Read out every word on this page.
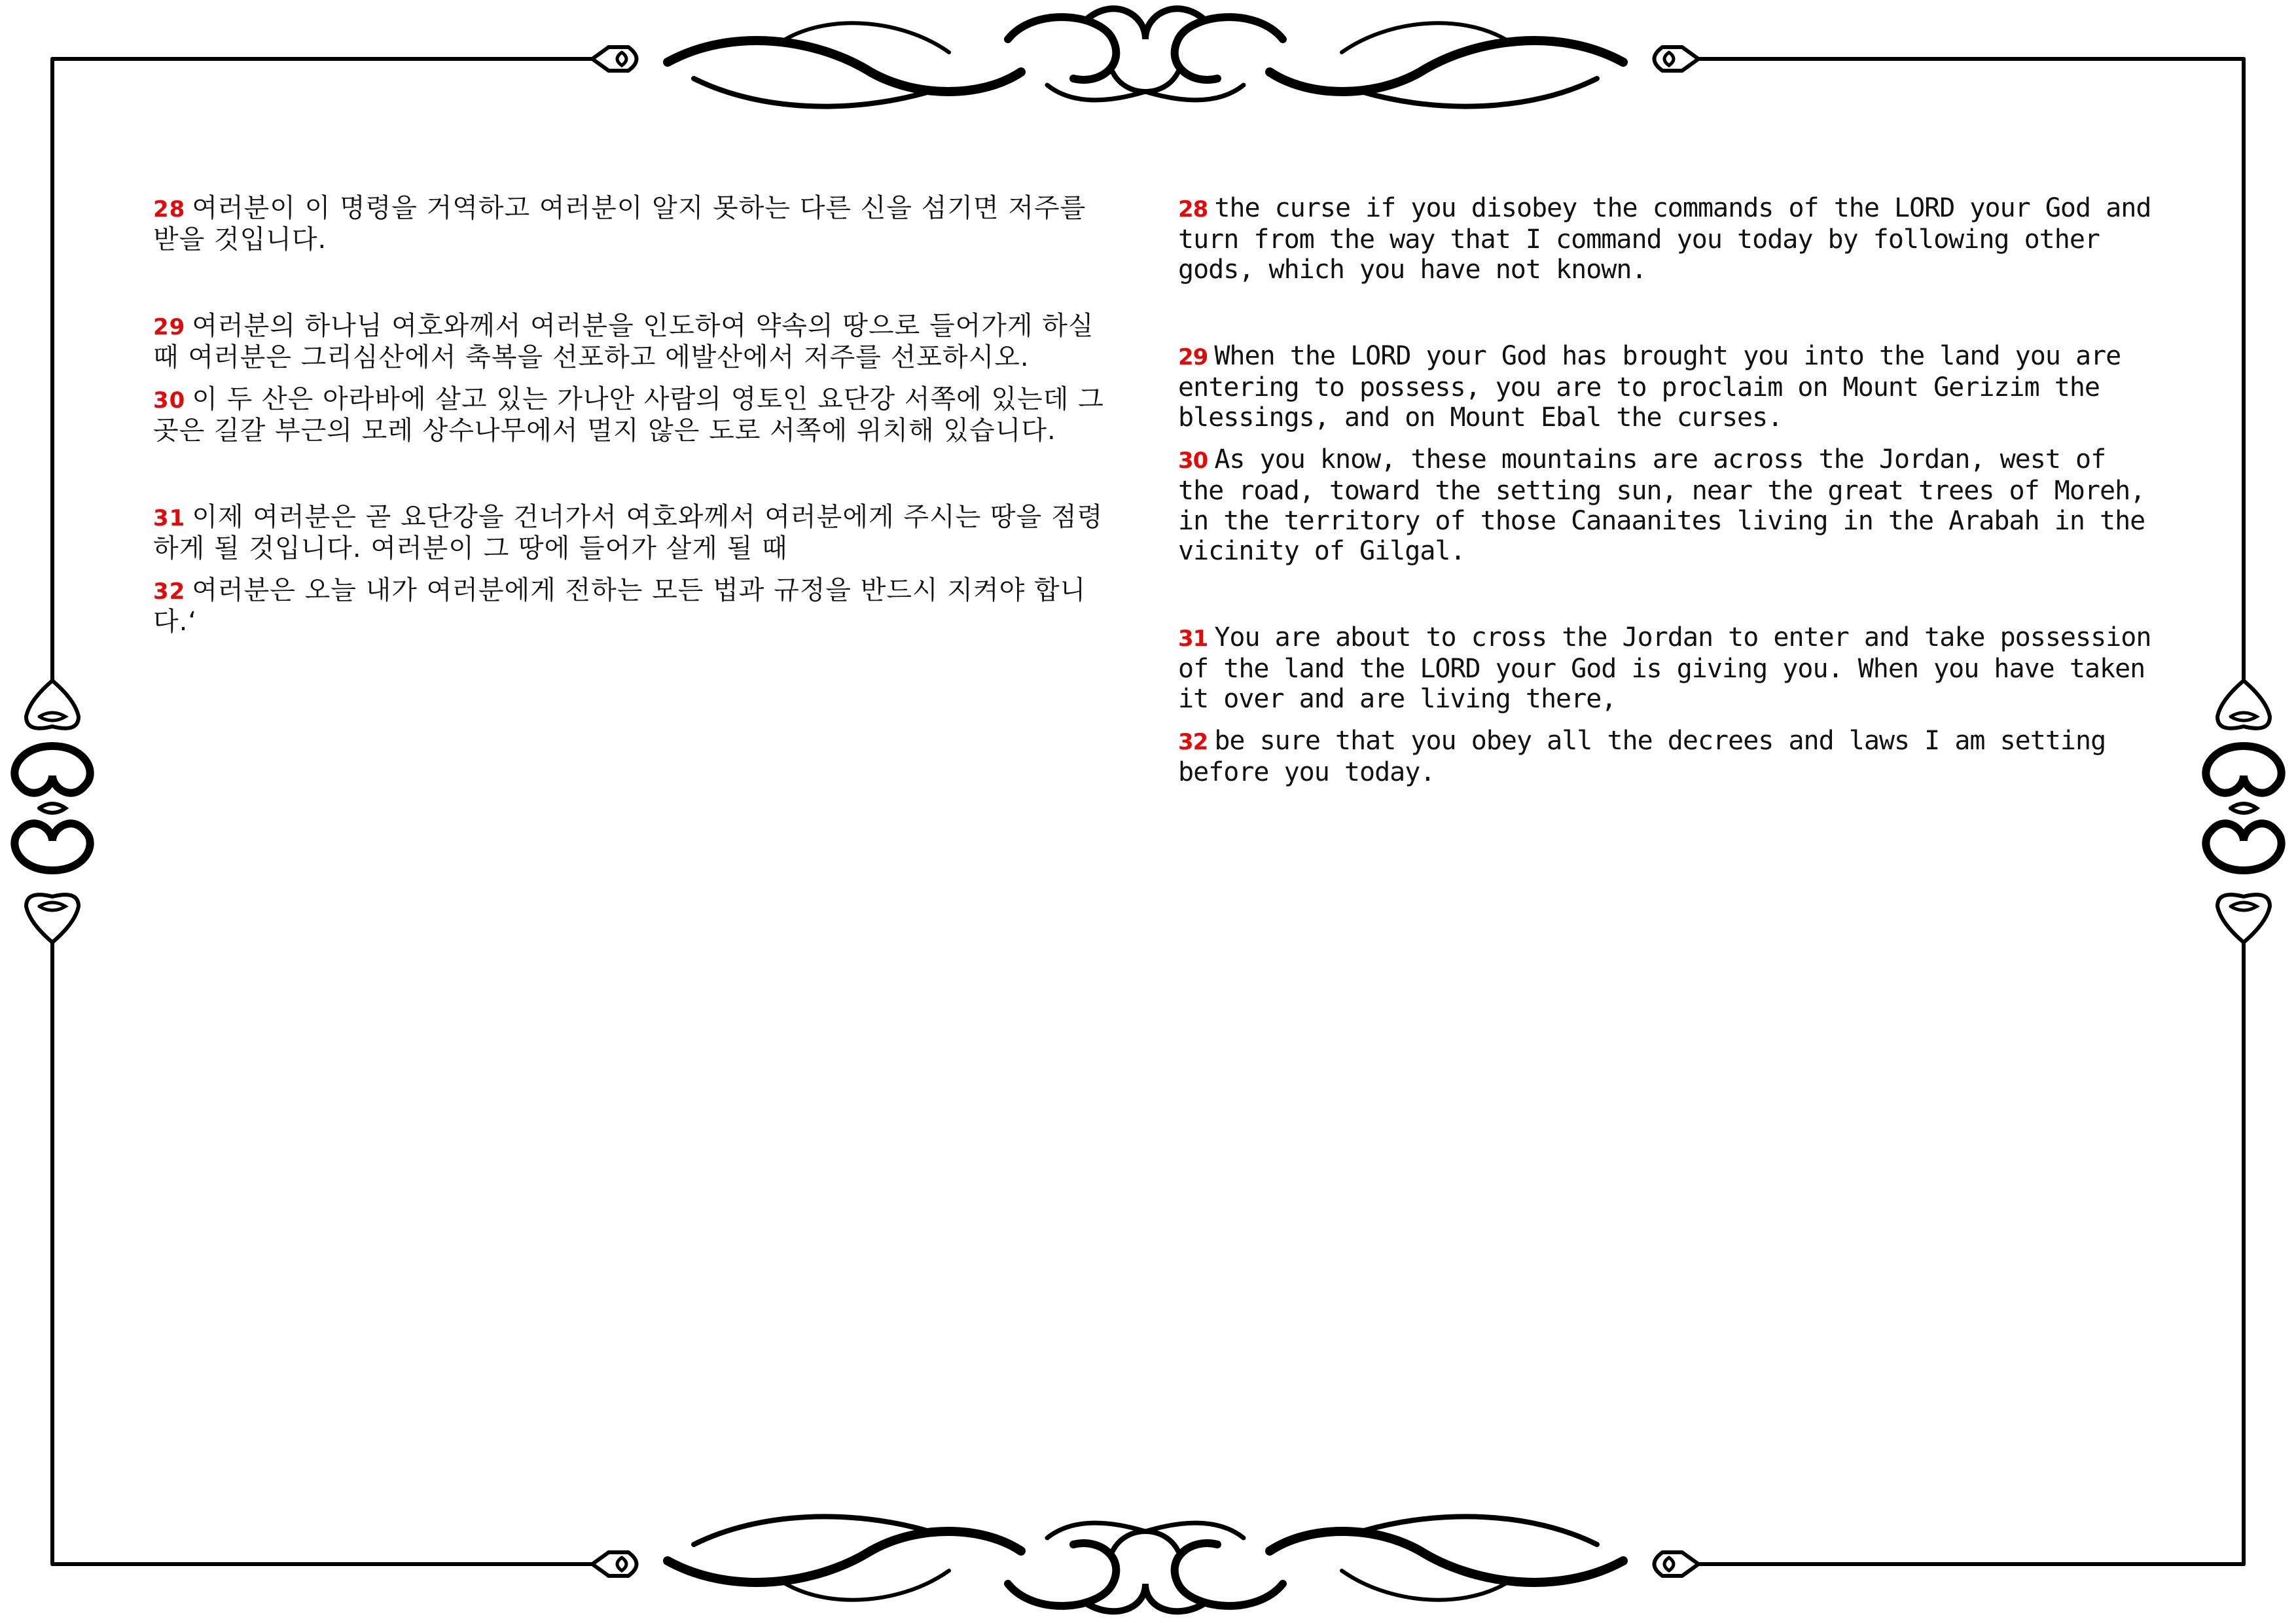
28 여러분이 이 명령을 거역하고 여러분이 알지 못하는 다른 신을 섬기면 저주를 받을 것입니다.

29 여러분의 하나님 여호와께서 여러분을 인도하여 약속의 땅으로 들어가게 하실 때 여러분은 그리심산에서 축복을 선포하고 에발산에서 저주를 선포하시오.

30 이 두 산은 아라바에 살고 있는 가나안 사람의 영토인 요단강 서쪽에 있는데 그 곳은 길갈 부근의 모레 상수나무에서 멀지 않은 도로 서쪽에 위치해 있습니다.

31 이제 여러분은 곧 요단강을 건너가서 여호와께서 여러분에게 주시는 땅을 점령하게 될 것입니다. 여러분이 그 땅에 들어가 살게 될 때

32 여러분은 오늘 내가 여러분에게 전하는 모든 법과 규정을 반드시 지켜야 합니다.‘

28 the curse if you disobey the commands of the LORD your God and turn from the way that I command you today by following other gods, which you have not known.

29 When the LORD your God has brought you into the land you are entering to possess, you are to proclaim on Mount Gerizim the blessings, and on Mount Ebal the curses.

30 As you know, these mountains are across the Jordan, west of the road, toward the setting sun, near the great trees of Moreh, in the territory of those Canaanites living in the Arabah in the vicinity of Gilgal.

31 You are about to cross the Jordan to enter and take possession of the land the LORD your God is giving you. When you have taken it over and are living there,

32 be sure that you obey all the decrees and laws I am setting before you today.
